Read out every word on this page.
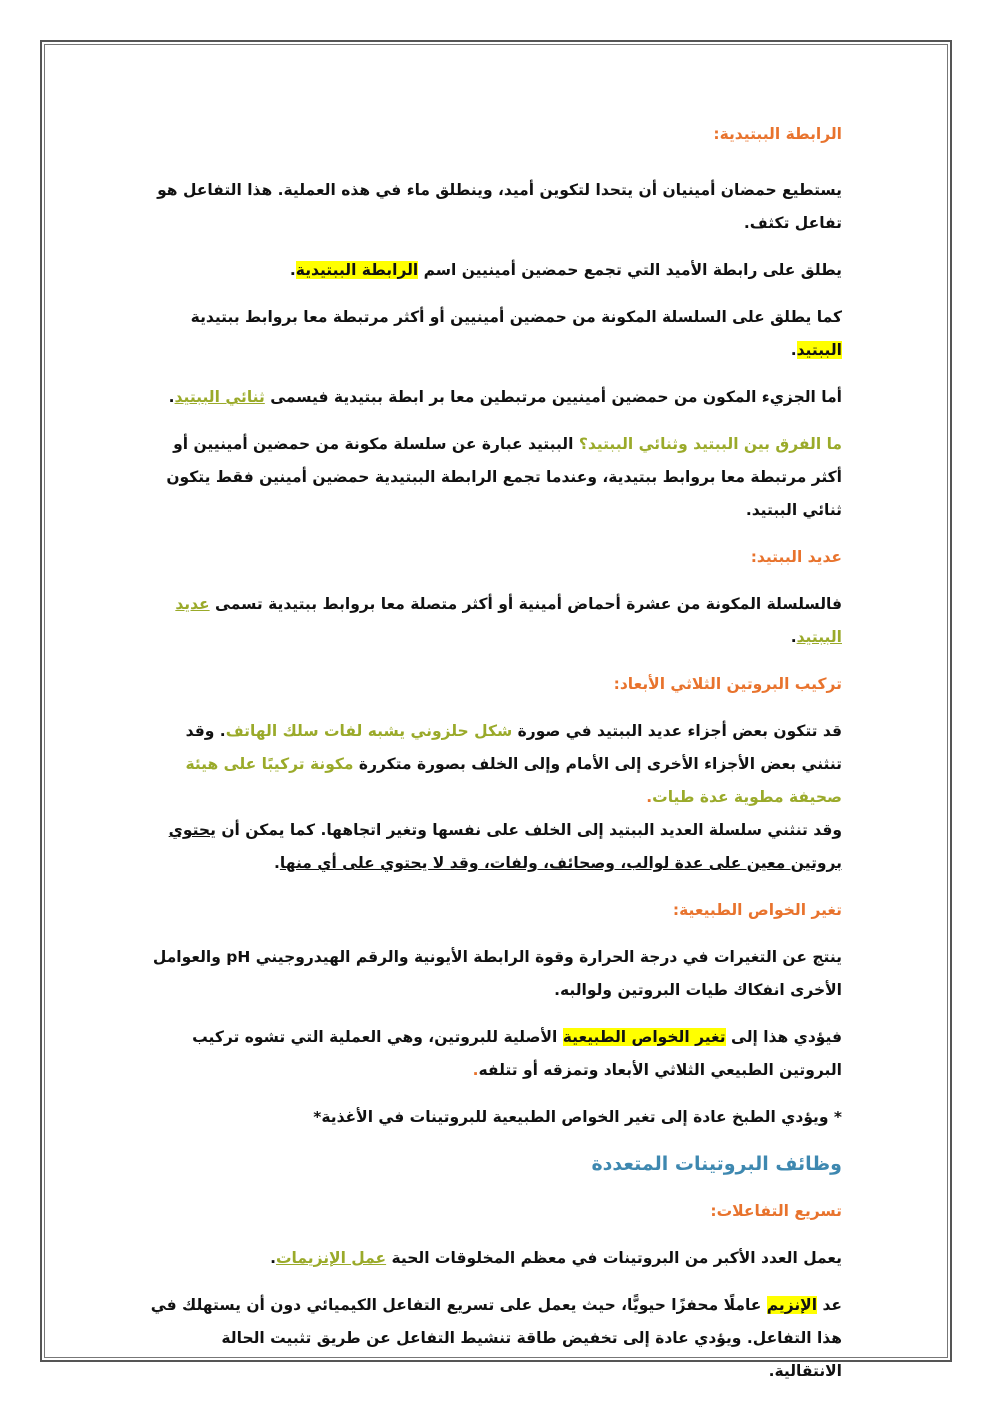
الرابطة الببتيدية:

يستطيع حمضان أمينيان أن يتحدا لتكوين أميد، وينطلق ماء في هذه العملية. هذا التفاعل هو تفاعل تكثف.

يطلق على رابطة الأميد التي تجمع حمضين أمينيين اسم الرابطة الببتيدية.

كما يطلق على السلسلة المكونة من حمضين أمينيين أو أكثر مرتبطة معا بروابط ببتيدية الببتيد.

أما الجزيء المكون من حمضين أمينيين مرتبطين معا بر ابطة ببتيدية فيسمى ثنائي الببتيد.

ما الفرق بين الببتيد وثنائي الببتيد؟ الببتيد عبارة عن سلسلة مكونة من حمضين أمينيين أو أكثر مرتبطة معا بروابط ببتيدية، وعندما تجمع الرابطة الببتيدية حمضين أمينين فقط يتكون ثنائي الببتيد.

عديد الببتيد:

فالسلسلة المكونة من عشرة أحماض أمينية أو أكثر متصلة معا بروابط ببتيدية تسمى عديد الببتيد.

تركيب البروتين الثلاثي الأبعاد:

قد تتكون بعض أجزاء عديد الببتيد في صورة شكل حلزوني يشبه لفات سلك الهاتف. وقد تنثني بعض الأجزاء الأخرى إلى الأمام وإلى الخلف بصورة متكررة مكونة تركيبًا على هيئة صحيفة مطوية عدة طيات.

وقد تنثني سلسلة العديد الببتيد إلى الخلف على نفسها وتغير اتجاهها. كما يمكن أن يحتوي بروتين معين على عدة لوالب، وصحائف، ولفات، وقد لا يحتوي على أي منها.

تغير الخواص الطبيعية:

ينتج عن التغيرات في درجة الحرارة وقوة الرابطة الأيونية والرقم الهيدروجيني pH والعوامل الأخرى انفكاك طيات البروتين ولوالبه.

فيؤدي هذا إلى تغير الخواص الطبيعية الأصلية للبروتين، وهي العملية التي تشوه تركيب البروتين الطبيعي الثلاثي الأبعاد وتمزقه أو تتلفه.

* ويؤدي الطبخ عادة إلى تغير الخواص الطبيعية للبروتينات في الأغذية*

وظائف البروتينات المتعددة

تسريع التفاعلات:

يعمل العدد الأكبر من البروتينات في معظم المخلوقات الحية عمل الإنزيمات.

عد الإنزيم عاملًا محفزًا حيويًّا، حيث يعمل على تسريع التفاعل الكيميائي دون أن يستهلك في هذا التفاعل. ويؤدي عادة إلى تخفيض طاقة تنشيط التفاعل عن طريق تثبيت الحالة الانتقالية.
